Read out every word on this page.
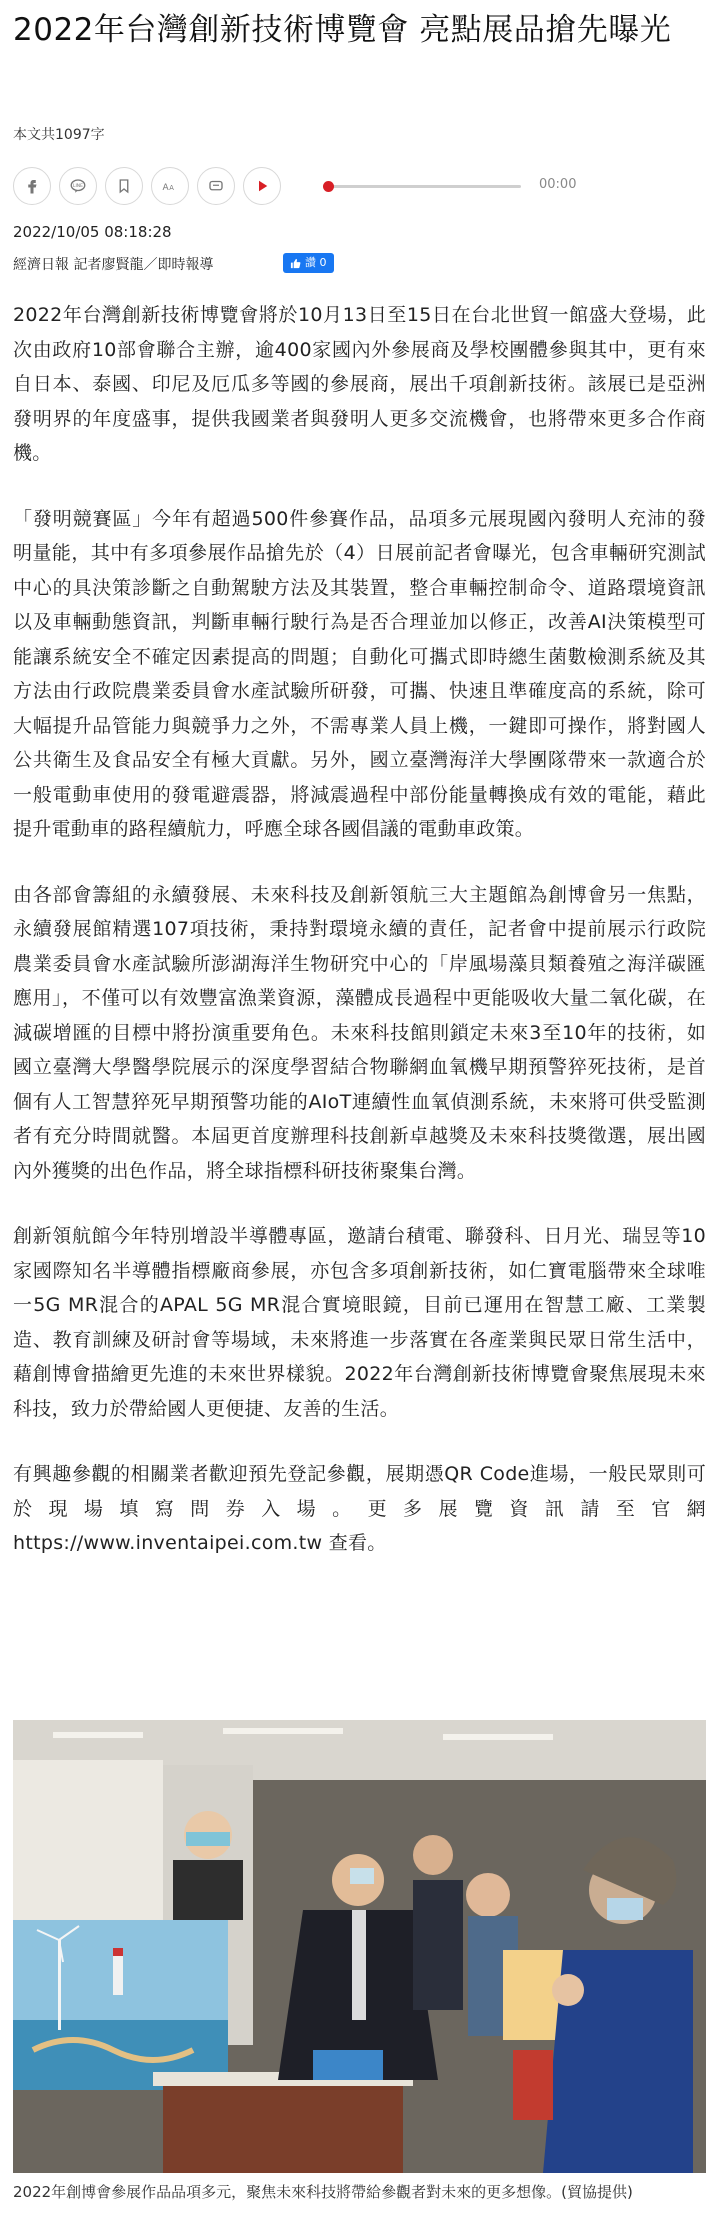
2022年台灣創新技術博覽會 亮點展品搶先曝光
本文共1097字
LINE	A A	00:00
2022/10/05 08:18:28
經濟日報 記者廖賢龍／即時報導	讚 0

2022年台灣創新技術博覽會將於10月13日至15日在台北世貿一館盛大登場，此次由政府10部會聯合主辦，逾400家國內外參展商及學校團體參與其中，更有來自日本、泰國、印尼及厄瓜多等國的參展商，展出千項創新技術。該展已是亞洲發明界的年度盛事，提供我國業者與發明人更多交流機會，也將帶來更多合作商機。

「發明競賽區」今年有超過500件參賽作品，品項多元展現國內發明人充沛的發明量能，其中有多項參展作品搶先於（4）日展前記者會曝光，包含車輛研究測試中心的具決策診斷之自動駕駛方法及其裝置，整合車輛控制命令、道路環境資訊以及車輛動態資訊，判斷車輛行駛行為是否合理並加以修正，改善AI決策模型可能讓系統安全不確定因素提高的問題；自動化可攜式即時總生菌數檢測系統及其方法由行政院農業委員會水產試驗所研發，可攜、快速且準確度高的系統，除可大幅提升品管能力與競爭力之外，不需專業人員上機，一鍵即可操作，將對國人公共衛生及食品安全有極大貢獻。另外，國立臺灣海洋大學團隊帶來一款適合於一般電動車使用的發電避震器，將減震過程中部份能量轉換成有效的電能，藉此提升電動車的路程續航力，呼應全球各國倡議的電動車政策。

由各部會籌組的永續發展、未來科技及創新領航三大主題館為創博會另一焦點，永續發展館精選107項技術，秉持對環境永續的責任，記者會中提前展示行政院農業委員會水產試驗所澎湖海洋生物研究中心的「岸風場藻貝類養殖之海洋碳匯應用」，不僅可以有效豐富漁業資源，藻體成長過程中更能吸收大量二氧化碳，在減碳增匯的目標中將扮演重要角色。未來科技館則鎖定未來3至10年的技術，如國立臺灣大學醫學院展示的深度學習結合物聯網血氧機早期預警猝死技術，是首個有人工智慧猝死早期預警功能的AIoT連續性血氧偵測系統，未來將可供受監測者有充分時間就醫。本屆更首度辦理科技創新卓越獎及未來科技獎徵選，展出國內外獲獎的出色作品，將全球指標科研技術聚集台灣。

創新領航館今年特別增設半導體專區，邀請台積電、聯發科、日月光、瑞昱等10家國際知名半導體指標廠商參展，亦包含多項創新技術，如仁寶電腦帶來全球唯一5G MR混合的APAL 5G MR混合實境眼鏡，目前已運用在智慧工廠、工業製造、教育訓練及研討會等場域，未來將進一步落實在各產業與民眾日常生活中，藉創博會描繪更先進的未來世界樣貌。2022年台灣創新技術博覽會聚焦展現未來科技，致力於帶給國人更便捷、友善的生活。

有興趣參觀的相關業者歡迎預先登記參觀，展期憑QR Code進場，一般民眾則可於現場填寫問券入場。更多展覽資訊請至官網https://www.inventaipei.com.tw 查看。

2022年創博會參展作品品項多元，聚焦未來科技將帶給參觀者對未來的更多想像。(貿協提供)
